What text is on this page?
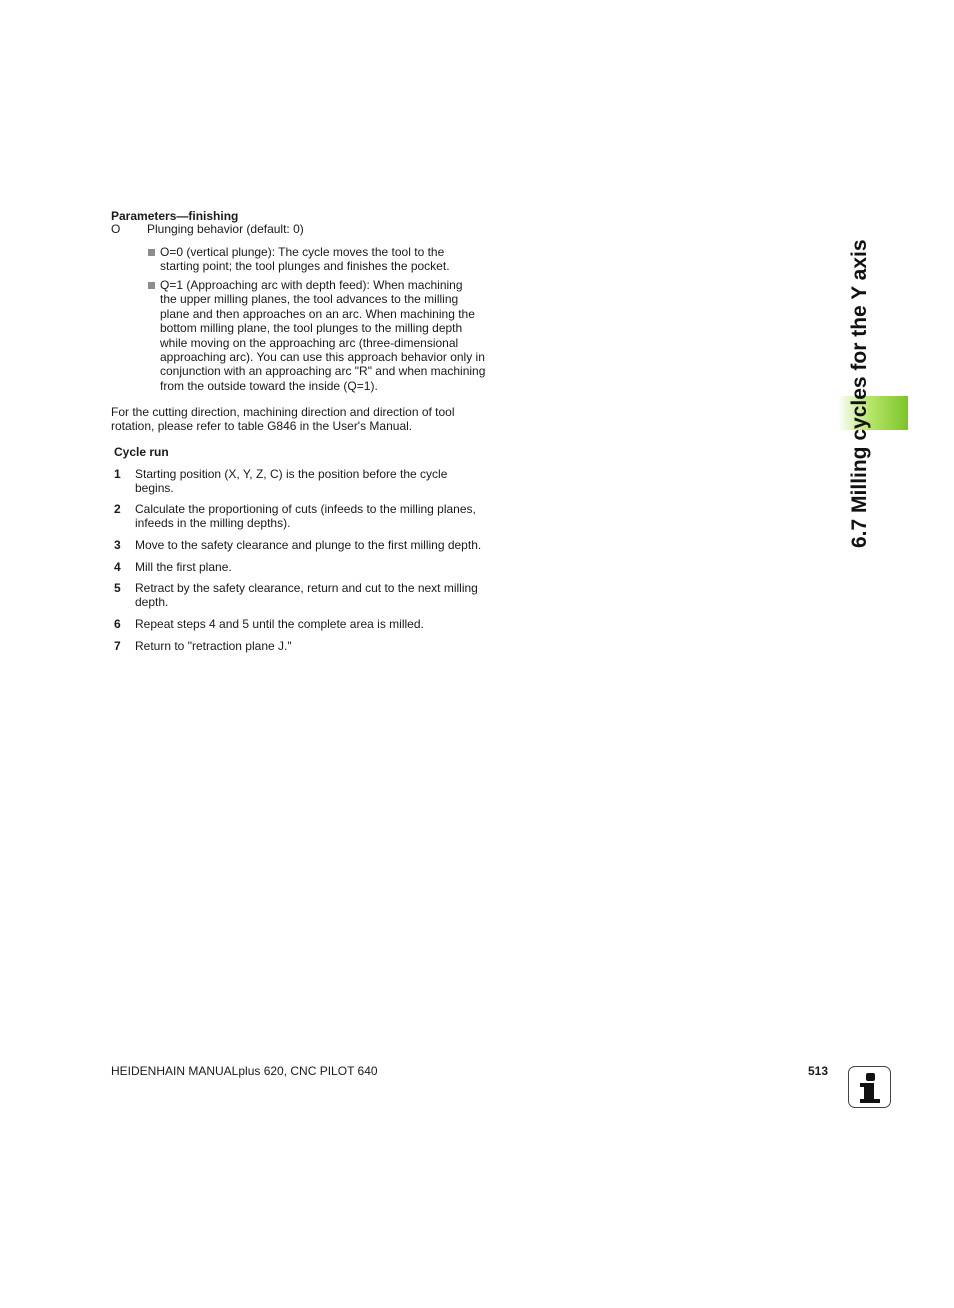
6.7 Milling cycles for the Y axis
Parameters—finishing
O Plunging behavior (default: 0)
O=0 (vertical plunge): The cycle moves the tool to the
starting point; the tool plunges and finishes the pocket.
Q=1 (Approaching arc with depth feed): When machining
the upper milling planes, the tool advances to the milling
plane and then approaches on an arc. When machining the
bottom milling plane, the tool plunges to the milling depth
while moving on the approaching arc (three-dimensional
approaching arc). You can use this approach behavior only in
conjunction with an approaching arc "R" and when machining
from the outside toward the inside (Q=1).
For the cutting direction, machining direction and direction of tool
rotation, please refer to table G846 in the User's Manual.
Cycle run
1 Starting position (X, Y, Z, C) is the position before the cycle
begins.
2 Calculate the proportioning of cuts (infeeds to the milling planes,
infeeds in the milling depths).
3 Move to the safety clearance and plunge to the first milling depth.
4 Mill the first plane.
5 Retract by the safety clearance, return and cut to the next milling
depth.
6 Repeat steps 4 and 5 until the complete area is milled.
7 Return to "retraction plane J."
HEIDENHAIN MANUALplus 620, CNC PILOT 640	513
